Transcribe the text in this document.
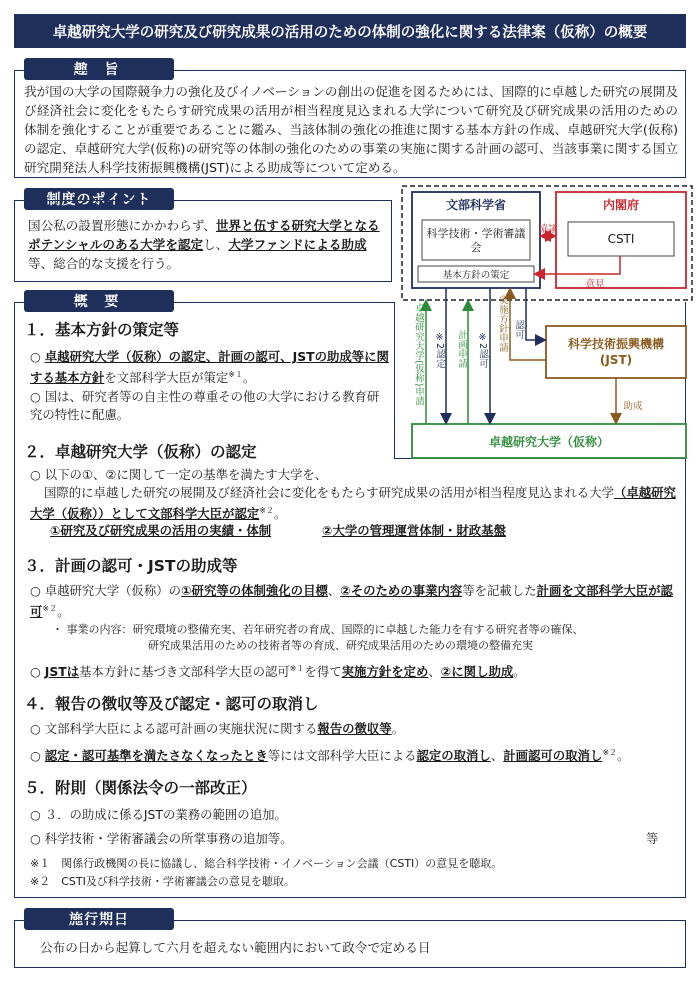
卓越研究大学の研究及び研究成果の活用のための体制の強化に関する法律案（仮称）の概要
趣 旨
我が国の大学の国際競争力の強化及びイノベーションの創出の促進を図るためには、国際的に卓越した研究の展開及び経済社会に変化をもたらす研究成果の活用が相当程度見込まれる大学について研究及び研究成果の活用のための体制を強化することが重要であることに鑑み、当該体制の強化の推進に関する基本方針の作成、卓越研究大学(仮称)の認定、卓越研究大学(仮称)の研究等の体制の強化のための事業の実施に関する計画の認可、当該事業に関する国立研究開発法人科学技術振興機構(JST)による助成等について定める。
制度のポイント
国公私の設置形態にかかわらず、世界と伍する研究大学となるポテンシャルのある大学を認定し、大学ファンドによる助成等、総合的な支援を行う。
概 要
文部科学省
科学技術・学術審議会
基本方針の策定
内閣府
CSTI
協議
意見
科学技術振興機構(JST)
卓越研究大学（仮称）
卓越研究大学(仮称)申請 ※2認定 計画申請 ※2認可 実施方針申請 認可
助成
１．基本方針の策定等
○ 卓越研究大学（仮称）の認定、計画の認可、JSTの助成等に関する基本方針を文部科学大臣が策定$^{※1}$。
○ 国は、研究者等の自主性の尊重その他の大学における教育研究の特性に配慮。
２．卓越研究大学（仮称）の認定
○ 以下の①、②に関して一定の基準を満たす大学を、
国際的に卓越した研究の展開及び経済社会に変化をもたらす研究成果の活用が相当程度見込まれる大学（卓越研究大学（仮称））として文部科学大臣が認定$^{※2}$。
①研究及び研究成果の活用の実績・体制	②大学の管理運営体制・財政基盤
３．計画の認可・JSTの助成等
○ 卓越研究大学（仮称）の①研究等の体制強化の目標、②そのための事業内容等を記載した計画を文部科学大臣が認可$^{※2}$。
・ 事業の内容：研究環境の整備充実、若年研究者の育成、国際的に卓越した能力を有する研究者等の確保、
研究成果活用のための技術者等の育成、研究成果活用のための環境の整備充実
○ JSTは基本方針に基づき文部科学大臣の認可$^{※1}$を得て実施方針を定め、②に関し助成。
４．報告の徴収等及び認定・認可の取消し
○ 文部科学大臣による認可計画の実施状況に関する報告の徴収等。
○ 認定・認可基準を満たさなくなったとき等には文部科学大臣による認定の取消し、計画認可の取消し$^{※2}$。
５．附則（関係法令の一部改正）
○ ３．の助成に係るJSTの業務の範囲の追加。
○ 科学技術・学術審議会の所掌事務の追加等。	等
※１　関係行政機関の長に協議し、総合科学技術・イノベーション会議（CSTI）の意見を聴取。
※２　CSTI及び科学技術・学術審議会の意見を聴取。
施行期日
公布の日から起算して六月を超えない範囲内において政令で定める日
